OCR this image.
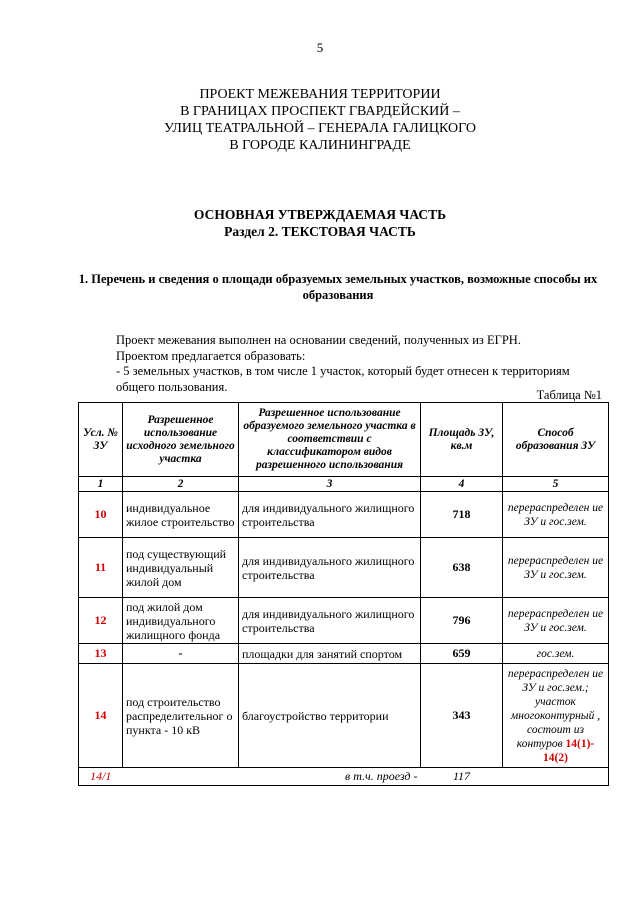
5
ПРОЕКТ МЕЖЕВАНИЯ ТЕРРИТОРИИ
В ГРАНИЦАХ ПРОСПЕКТ ГВАРДЕЙСКИЙ –
УЛИЦ ТЕАТРАЛЬНОЙ – ГЕНЕРАЛА ГАЛИЦКОГО
В ГОРОДЕ КАЛИНИНГРАДЕ
ОСНОВНАЯ УТВЕРЖДАЕМАЯ ЧАСТЬ
Раздел 2. ТЕКСТОВАЯ ЧАСТЬ
1. Перечень и сведения о площади образуемых земельных участков, возможные способы их образования
Проект межевания выполнен на основании сведений, полученных из ЕГРН.
Проектом предлагается образовать:
- 5 земельных участков, в том числе 1 участок, который будет отнесен к территориям общего пользования.
Таблица №1
Усл. № ЗУ	Разрешенное использование исходного земельного участка	Разрешенное использование образуемого земельного участка в соответствии с классификатором видов разрешенного использования	Площадь ЗУ, кв.м	Способ образования ЗУ
1	2	3	4	5
10	индивидуальное жилое строительство	для индивидуального жилищного строительства	718	перераспределен ие ЗУ и гос.зем.
11	под существующий индивидуальный жилой дом	для индивидуального жилищного строительства	638	перераспределен ие ЗУ и гос.зем.
12	под жилой дом индивидуального жилищного фонда	для индивидуального жилищного строительства	796	перераспределен ие ЗУ и гос.зем.
13	-	площадки для занятий спортом	659	гос.зем.
14	под строительство распределительног о пункта - 10 кВ	благоустройство территории	343	перераспределен ие ЗУ и гос.зем.; участок многоконтурный , состоит из контуров 14(1)- 14(2)
14/1		в т.ч. проезд -	117	
